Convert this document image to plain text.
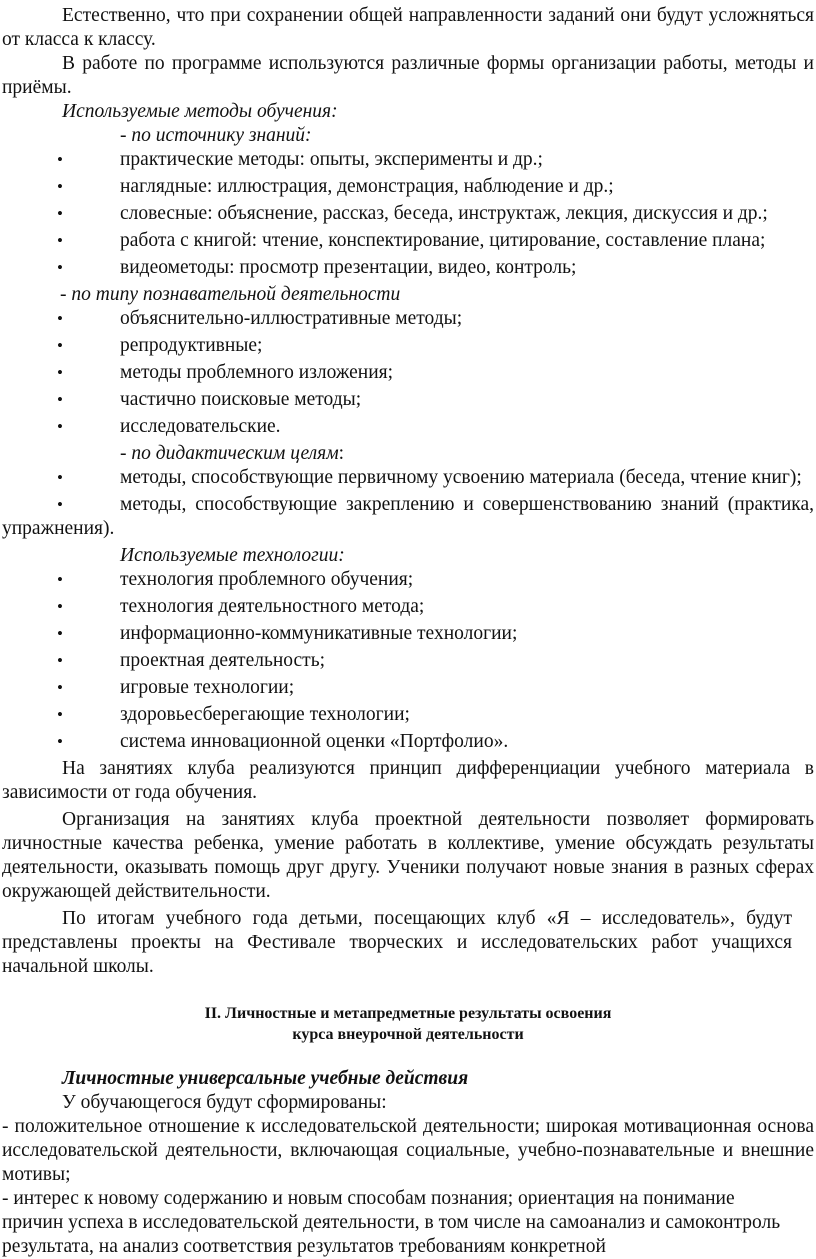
Естественно, что при сохранении общей направленности заданий они будут усложняться от класса к классу.

В работе по программе используются различные формы организации работы, методы и приёмы.

Используемые методы обучения:

- по источнику знаний:

•	практические методы: опыты, эксперименты и др.;
•	наглядные: иллюстрация, демонстрация, наблюдение и др.;
•	словесные: объяснение, рассказ, беседа, инструктаж, лекция, дискуссия и др.;
•	работа с книгой: чтение, конспектирование, цитирование, составление плана;
•	видеометоды: просмотр презентации, видео, контроль;

- по типу познавательной деятельности

•	объяснительно-иллюстративные методы;
•	репродуктивные;
•	методы проблемного изложения;
•	частично поисковые методы;
•	исследовательские.

- по дидактическим целям:

•	методы, способствующие первичному усвоению материала (беседа, чтение книг);

•	методы, способствующие закреплению и совершенствованию знаний (практика, упражнения).

Используемые технологии:

•	технология проблемного обучения;
•	технология деятельностного метода;
•	информационно-коммуникативные технологии;
•	проектная деятельность;
•	игровые технологии;
•	здоровьесберегающие технологии;
•	система инновационной оценки «Портфолио».

На занятиях клуба реализуются принцип дифференциации учебного материала в зависимости от года обучения.

Организация на занятиях клуба проектной деятельности позволяет формировать личностные качества ребенка, умение работать в коллективе, умение обсуждать результаты деятельности, оказывать помощь друг другу. Ученики получают новые знания в разных сферах окружающей действительности.

По итогам учебного года детьми, посещающих клуб «Я – исследователь», будут представлены проекты на Фестивале творческих и исследовательских работ учащихся начальной школы.

II. Личностные и метапредметные результаты освоения
курса внеурочной деятельности

Личностные универсальные учебные действия

У обучающегося будут сформированы:

- положительное отношение к исследовательской деятельности; широкая мотивационная основа исследовательской деятельности, включающая социальные, учебно-познавательные и внешние мотивы;

- интерес к новому содержанию и новым способам познания; ориентация на понимание
причин успеха в исследовательской деятельности, в том числе на самоанализ и самоконтроль
результата, на анализ соответствия результатов требованиям конкретной
